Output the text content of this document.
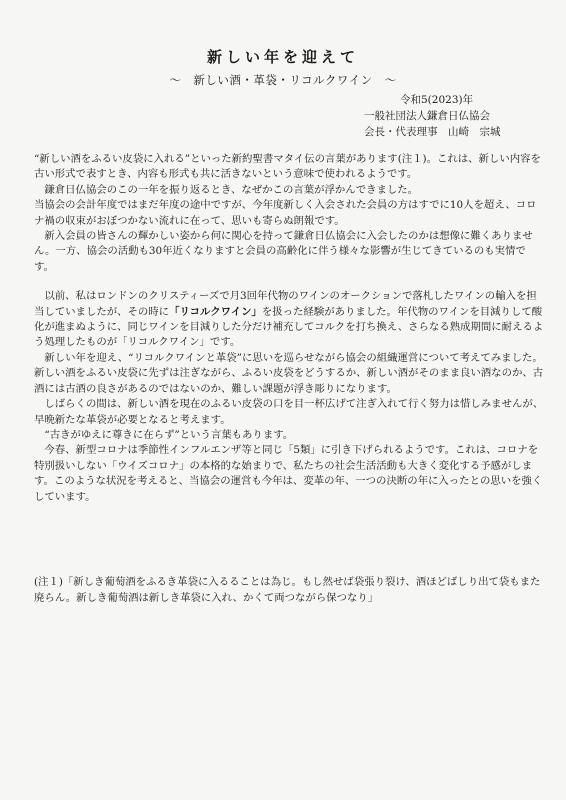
新しい年を迎えて
〜　新しい酒・革袋・リコルクワイン　〜
令和5(2023)年
一般社団法人鎌倉日仏協会
会長・代表理事　山崎　宗城

“新しい酒をふるい皮袋に入れる”といった新約聖書マタイ伝の言葉があります(注１)。これは、新しい内容を古い形式で表すとき、内容も形式も共に活きないという意味で使われるようです。

鎌倉日仏協会のこの一年を振り返るとき、なぜかこの言葉が浮かんできました。

当協会の会計年度ではまだ年度の途中ですが、今年度新しく入会された会員の方はすでに10人を超え、コロナ禍の収束がおぼつかない流れに在って、思いも寄らぬ朗報です。

新入会員の皆さんの輝かしい姿から何に関心を持って鎌倉日仏協会に入会したのかは想像に難くありません。一方、協会の活動も30年近くなりますと会員の高齢化に伴う様々な影響が生じてきているのも実情です。

以前、私はロンドンのクリスティーズで月3回年代物のワインのオークションで落札したワインの輸入を担当していましたが、その時に「リコルクワイン」を扱った経験がありました。年代物のワインを目減りして酸化が進まぬように、同じワインを目減りした分だけ補充してコルクを打ち換え、さらなる熟成期間に耐えるよう処理したものが「リコルクワイン」です。

新しい年を迎え、“リコルクワインと革袋”に思いを巡らせながら協会の組織運営について考えてみました。新しい酒をふるい皮袋に先ずは注ぎながら、ふるい皮袋をどうするか、新しい酒がそのまま良い酒なのか、古酒には古酒の良さがあるのではないのか、難しい課題が浮き彫りになります。

しばらくの間は、新しい酒を現在のふるい皮袋の口を目一杯広げて注ぎ入れて行く努力は惜しみませんが、早晩新たな革袋が必要となると考えます。

“古きがゆえに尊きに在らず”という言葉もあります。

今春、新型コロナは季節性インフルエンザ等と同じ「5類」に引き下げられるようです。これは、コロナを特別扱いしない「ウイズコロナ」の本格的な始まりで、私たちの社会生活活動も大きく変化する予感がします。このような状況を考えると、当協会の運営も今年は、変革の年、一つの決断の年に入ったとの思いを強くしています。

(注１)「新しき葡萄酒をふるき革袋に入るることは為じ。もし然せば袋張り裂け、酒ほどばしり出て袋もまた廃らん。新しき葡萄酒は新しき革袋に入れ、かくて両つながら保つなり」
